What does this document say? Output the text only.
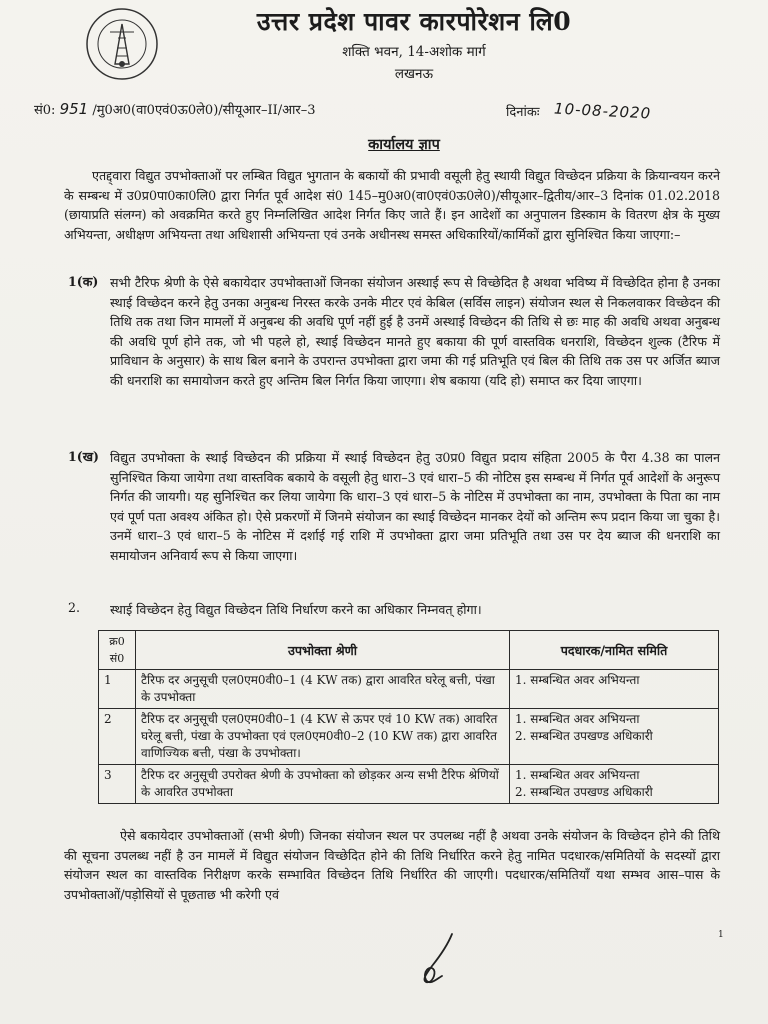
उत्तर प्रदेश पावर कारपोरेशन लि0
शक्ति भवन, 14-अशोक मार्ग
लखनऊ
सं0: 951 /मु0अ0(वा0एवं0ऊ0ले0)/सीयूआर–II/आर–3	दिनांकः 10-08-2020
कार्यालय ज्ञाप
एतद्द्वारा विद्युत उपभोक्ताओं पर लम्बित विद्युत भुगतान के बकायों की प्रभावी वसूली हेतु स्थायी विद्युत विच्छेदन प्रक्रिया के क्रियान्वयन करने के सम्बन्ध में उ0प्र0पा0का0लि0 द्वारा निर्गत पूर्व आदेश सं0 145–मु0अ0(वा0एवं0ऊ0ले0)/सीयूआर–द्वितीय/आर–3 दिनांक 01.02.2018 (छायाप्रति संलग्न) को अवक्रमित करते हुए निम्नलिखित आदेश निर्गत किए जाते हैं। इन आदेशों का अनुपालन डिस्काम के वितरण क्षेत्र के मुख्य अभियन्ता, अधीक्षण अभियन्ता तथा अधिशासी अभियन्ता एवं उनके अधीनस्थ समस्त अधिकारियों/कार्मिकों द्वारा सुनिश्चित किया जाएगा:–
1(क) सभी टैरिफ श्रेणी के ऐसे बकायेदार उपभोक्ताओं जिनका संयोजन अस्थाई रूप से विच्छेदित है अथवा भविष्य में विच्छेदित होना है उनका स्थाई विच्छेदन करने हेतु उनका अनुबन्ध निरस्त करके उनके मीटर एवं केबिल (सर्विस लाइन) संयोजन स्थल से निकलवाकर विच्छेदन की तिथि तक तथा जिन मामलों में अनुबन्ध की अवधि पूर्ण नहीं हुई है उनमें अस्थाई विच्छेदन की तिथि से छः माह की अवधि अथवा अनुबन्ध की अवधि पूर्ण होने तक, जो भी पहले हो, स्थाई विच्छेदन मानते हुए बकाया की पूर्ण वास्तविक धनराशि, विच्छेदन शुल्क (टैरिफ में प्राविधान के अनुसार) के साथ बिल बनाने के उपरान्त उपभोक्ता द्वारा जमा की गई प्रतिभूति एवं बिल की तिथि तक उस पर अर्जित ब्याज की धनराशि का समायोजन करते हुए अन्तिम बिल निर्गत किया जाएगा। शेष बकाया (यदि हो) समाप्त कर दिया जाएगा।
1(ख) विद्युत उपभोक्ता के स्थाई विच्छेदन की प्रक्रिया में स्थाई विच्छेदन हेतु उ0प्र0 विद्युत प्रदाय संहिता 2005 के पैरा 4.38 का पालन सुनिश्चित किया जायेगा तथा वास्तविक बकाये के वसूली हेतु धारा–3 एवं धारा–5 की नोटिस इस सम्बन्ध में निर्गत पूर्व आदेशों के अनुरूप निर्गत की जायगी। यह सुनिश्चित कर लिया जायेगा कि धारा–3 एवं धारा–5 के नोटिस में उपभोक्ता का नाम, उपभोक्ता के पिता का नाम एवं पूर्ण पता अवश्य अंकित हो। ऐसे प्रकरणों में जिनमे संयोजन का स्थाई विच्छेदन मानकर देयों को अन्तिम रूप प्रदान किया जा चुका है। उनमें धारा–3 एवं धारा–5 के नोटिस में दर्शाई गई राशि में उपभोक्ता द्वारा जमा प्रतिभूति तथा उस पर देय ब्याज की धनराशि का समायोजन अनिवार्य रूप से किया जाएगा।
2. स्थाई विच्छेदन हेतु विद्युत विच्छेदन तिथि निर्धारण करने का अधिकार निम्नवत् होगा।
क्र0 सं0	उपभोक्ता श्रेणी	पदधारक/नामित समिति
1	टैरिफ दर अनुसूची एल0एम0वी0–1 (4 KW तक) द्वारा आवरित घरेलू बत्ती, पंखा के उपभोक्ता	1. सम्बन्धित अवर अभियन्ता

2	टैरिफ दर अनुसूची एल0एम0वी0–1 (4 KW से ऊपर एवं 10 KW तक) आवरित घरेलू बत्ती, पंखा के उपभोक्ता एवं एल0एम0वी0–2 (10 KW तक) द्वारा आवरित वाणिज्यिक बत्ती, पंखा के उपभोक्ता।	1. सम्बन्धित अवर अभियन्ता
2. सम्बन्धित उपखण्ड अधिकारी

3	टैरिफ दर अनुसूची उपरोक्त श्रेणी के उपभोक्ता को छोड़कर अन्य सभी टैरिफ श्रेणियों के आवरित उपभोक्ता	1. सम्बन्धित अवर अभियन्ता
2. सम्बन्धित उपखण्ड अधिकारी
ऐसे बकायेदार उपभोक्ताओं (सभी श्रेणी) जिनका संयोजन स्थल पर उपलब्ध नहीं है अथवा उनके संयोजन के विच्छेदन होने की तिथि की सूचना उपलब्ध नहीं है उन मामलें में विद्युत संयोजन विच्छेदित होने की तिथि निर्धारित करने हेतु नामित पदधारक/समितियों के सदस्यों द्वारा संयोजन स्थल का वास्तविक निरीक्षण करके सम्भावित विच्छेदन तिथि निर्धारित की जाएगी। पदधारक/समितियाँ यथा सम्भव आस–पास के उपभोक्ताओं/पड़ोसियों से पूछताछ भी करेगी एवं
1
